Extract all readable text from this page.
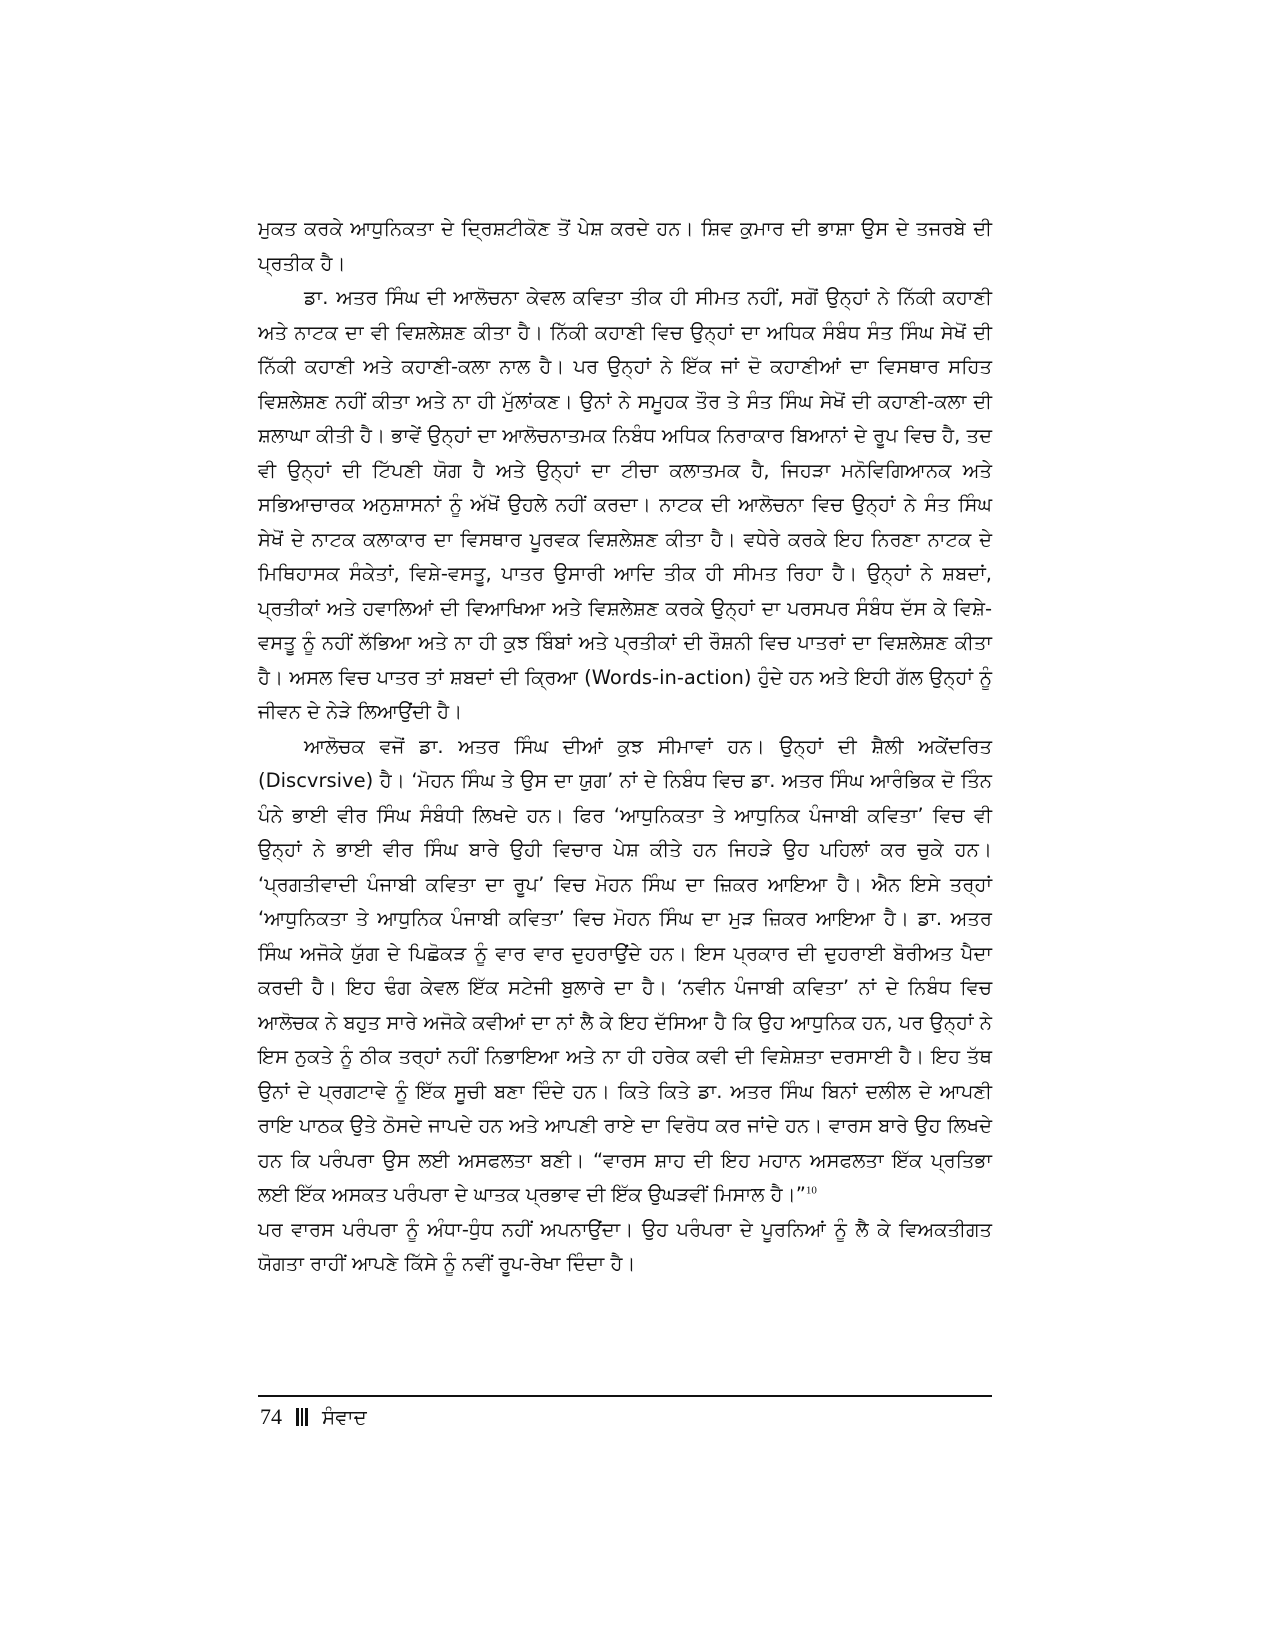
ਮੁਕਤ ਕਰਕੇ ਆਧੁਨਿਕਤਾ ਦੇ ਦ੍ਰਿਸ਼ਟੀਕੋਣ ਤੋਂ ਪੇਸ਼ ਕਰਦੇ ਹਨ। ਸ਼ਿਵ ਕੁਮਾਰ ਦੀ ਭਾਸ਼ਾ ਉਸ ਦੇ ਤਜਰਬੇ ਦੀ ਪ੍ਰਤੀਕ ਹੈ।

ਡਾ. ਅਤਰ ਸਿੰਘ ਦੀ ਆਲੋਚਨਾ ਕੇਵਲ ਕਵਿਤਾ ਤੀਕ ਹੀ ਸੀਮਤ ਨਹੀਂ, ਸਗੋਂ ਉਨ੍ਹਾਂ ਨੇ ਨਿੱਕੀ ਕਹਾਣੀ ਅਤੇ ਨਾਟਕ ਦਾ ਵੀ ਵਿਸ਼ਲੇਸ਼ਣ ਕੀਤਾ ਹੈ। ਨਿੱਕੀ ਕਹਾਣੀ ਵਿਚ ਉਨ੍ਹਾਂ ਦਾ ਅਧਿਕ ਸੰਬੰਧ ਸੰਤ ਸਿੰਘ ਸੇਖੋਂ ਦੀ ਨਿੱਕੀ ਕਹਾਣੀ ਅਤੇ ਕਹਾਣੀ-ਕਲਾ ਨਾਲ ਹੈ। ਪਰ ਉਨ੍ਹਾਂ ਨੇ ਇੱਕ ਜਾਂ ਦੋ ਕਹਾਣੀਆਂ ਦਾ ਵਿਸਥਾਰ ਸਹਿਤ ਵਿਸ਼ਲੇਸ਼ਣ ਨਹੀਂ ਕੀਤਾ ਅਤੇ ਨਾ ਹੀ ਮੁੱਲਾਂਕਣ। ਉਨਾਂ ਨੇ ਸਮੂਹਕ ਤੌਰ ਤੇ ਸੰਤ ਸਿੰਘ ਸੇਖੋਂ ਦੀ ਕਹਾਣੀ-ਕਲਾ ਦੀ ਸ਼ਲਾਘਾ ਕੀਤੀ ਹੈ। ਭਾਵੇਂ ਉਨ੍ਹਾਂ ਦਾ ਆਲੋਚਨਾਤਮਕ ਨਿਬੰਧ ਅਧਿਕ ਨਿਰਾਕਾਰ ਬਿਆਨਾਂ ਦੇ ਰੂਪ ਵਿਚ ਹੈ, ਤਦ ਵੀ ਉਨ੍ਹਾਂ ਦੀ ਟਿੱਪਣੀ ਯੋਗ ਹੈ ਅਤੇ ਉਨ੍ਹਾਂ ਦਾ ਟੀਚਾ ਕਲਾਤਮਕ ਹੈ, ਜਿਹੜਾ ਮਨੋਵਿਗਿਆਨਕ ਅਤੇ ਸਭਿਆਚਾਰਕ ਅਨੁਸ਼ਾਸਨਾਂ ਨੂੰ ਅੱਖੋਂ ਉਹਲੇ ਨਹੀਂ ਕਰਦਾ। ਨਾਟਕ ਦੀ ਆਲੋਚਨਾ ਵਿਚ ਉਨ੍ਹਾਂ ਨੇ ਸੰਤ ਸਿੰਘ ਸੇਖੋਂ ਦੇ ਨਾਟਕ ਕਲਾਕਾਰ ਦਾ ਵਿਸਥਾਰ ਪੂਰਵਕ ਵਿਸ਼ਲੇਸ਼ਣ ਕੀਤਾ ਹੈ। ਵਧੇਰੇ ਕਰਕੇ ਇਹ ਨਿਰਣਾ ਨਾਟਕ ਦੇ ਮਿਥਿਹਾਸਕ ਸੰਕੇਤਾਂ, ਵਿਸ਼ੇ-ਵਸਤੂ, ਪਾਤਰ ਉਸਾਰੀ ਆਦਿ ਤੀਕ ਹੀ ਸੀਮਤ ਰਿਹਾ ਹੈ। ਉਨ੍ਹਾਂ ਨੇ ਸ਼ਬਦਾਂ, ਪ੍ਰਤੀਕਾਂ ਅਤੇ ਹਵਾਲਿਆਂ ਦੀ ਵਿਆਖਿਆ ਅਤੇ ਵਿਸ਼ਲੇਸ਼ਣ ਕਰਕੇ ਉਨ੍ਹਾਂ ਦਾ ਪਰਸਪਰ ਸੰਬੰਧ ਦੱਸ ਕੇ ਵਿਸ਼ੇ-ਵਸਤੂ ਨੂੰ ਨਹੀਂ ਲੱਭਿਆ ਅਤੇ ਨਾ ਹੀ ਕੁਝ ਬਿੰਬਾਂ ਅਤੇ ਪ੍ਰਤੀਕਾਂ ਦੀ ਰੌਸ਼ਨੀ ਵਿਚ ਪਾਤਰਾਂ ਦਾ ਵਿਸ਼ਲੇਸ਼ਣ ਕੀਤਾ ਹੈ। ਅਸਲ ਵਿਚ ਪਾਤਰ ਤਾਂ ਸ਼ਬਦਾਂ ਦੀ ਕ੍ਰਿਆ (Words-in-action) ਹੁੰਦੇ ਹਨ ਅਤੇ ਇਹੀ ਗੱਲ ਉਨ੍ਹਾਂ ਨੂੰ ਜੀਵਨ ਦੇ ਨੇੜੇ ਲਿਆਉਂਦੀ ਹੈ।

ਆਲੋਚਕ ਵਜੋਂ ਡਾ. ਅਤਰ ਸਿੰਘ ਦੀਆਂ ਕੁਝ ਸੀਮਾਵਾਂ ਹਨ। ਉਨ੍ਹਾਂ ਦੀ ਸ਼ੈਲੀ ਅਕੇਂਦਰਿਤ (Discvrsive) ਹੈ। ‘ਮੋਹਨ ਸਿੰਘ ਤੇ ਉਸ ਦਾ ਯੁਗ’ ਨਾਂ ਦੇ ਨਿਬੰਧ ਵਿਚ ਡਾ. ਅਤਰ ਸਿੰਘ ਆਰੰਭਿਕ ਦੋ ਤਿੰਨ ਪੰਨੇ ਭਾਈ ਵੀਰ ਸਿੰਘ ਸੰਬੰਧੀ ਲਿਖਦੇ ਹਨ। ਫਿਰ ‘ਆਧੁਨਿਕਤਾ ਤੇ ਆਧੁਨਿਕ ਪੰਜਾਬੀ ਕਵਿਤਾ’ ਵਿਚ ਵੀ ਉਨ੍ਹਾਂ ਨੇ ਭਾਈ ਵੀਰ ਸਿੰਘ ਬਾਰੇ ਉਹੀ ਵਿਚਾਰ ਪੇਸ਼ ਕੀਤੇ ਹਨ ਜਿਹੜੇ ਉਹ ਪਹਿਲਾਂ ਕਰ ਚੁਕੇ ਹਨ। ‘ਪ੍ਰਗਤੀਵਾਦੀ ਪੰਜਾਬੀ ਕਵਿਤਾ ਦਾ ਰੂਪ’ ਵਿਚ ਮੋਹਨ ਸਿੰਘ ਦਾ ਜ਼ਿਕਰ ਆਇਆ ਹੈ। ਐਨ ਇਸੇ ਤਰ੍ਹਾਂ ‘ਆਧੁਨਿਕਤਾ ਤੇ ਆਧੁਨਿਕ ਪੰਜਾਬੀ ਕਵਿਤਾ’ ਵਿਚ ਮੋਹਨ ਸਿੰਘ ਦਾ ਮੁੜ ਜ਼ਿਕਰ ਆਇਆ ਹੈ। ਡਾ. ਅਤਰ ਸਿੰਘ ਅਜੋਕੇ ਯੁੱਗ ਦੇ ਪਿਛੋਕੜ ਨੂੰ ਵਾਰ ਵਾਰ ਦੁਹਰਾਉਂਦੇ ਹਨ। ਇਸ ਪ੍ਰਕਾਰ ਦੀ ਦੁਹਰਾਈ ਬੋਰੀਅਤ ਪੈਦਾ ਕਰਦੀ ਹੈ। ਇਹ ਢੰਗ ਕੇਵਲ ਇੱਕ ਸਟੇਜੀ ਬੁਲਾਰੇ ਦਾ ਹੈ। ‘ਨਵੀਨ ਪੰਜਾਬੀ ਕਵਿਤਾ’ ਨਾਂ ਦੇ ਨਿਬੰਧ ਵਿਚ ਆਲੋਚਕ ਨੇ ਬਹੁਤ ਸਾਰੇ ਅਜੋਕੇ ਕਵੀਆਂ ਦਾ ਨਾਂ ਲੈ ਕੇ ਇਹ ਦੱਸਿਆ ਹੈ ਕਿ ਉਹ ਆਧੁਨਿਕ ਹਨ, ਪਰ ਉਨ੍ਹਾਂ ਨੇ ਇਸ ਨੁਕਤੇ ਨੂੰ ਠੀਕ ਤਰ੍ਹਾਂ ਨਹੀਂ ਨਿਭਾਇਆ ਅਤੇ ਨਾ ਹੀ ਹਰੇਕ ਕਵੀ ਦੀ ਵਿਸ਼ੇਸ਼ਤਾ ਦਰਸਾਈ ਹੈ। ਇਹ ਤੱਥ ਉਨਾਂ ਦੇ ਪ੍ਰਗਟਾਵੇ ਨੂੰ ਇੱਕ ਸੂਚੀ ਬਣਾ ਦਿੰਦੇ ਹਨ। ਕਿਤੇ ਕਿਤੇ ਡਾ. ਅਤਰ ਸਿੰਘ ਬਿਨਾਂ ਦਲੀਲ ਦੇ ਆਪਣੀ ਰਾਇ ਪਾਠਕ ਉਤੇ ਠੋਸਦੇ ਜਾਪਦੇ ਹਨ ਅਤੇ ਆਪਣੀ ਰਾਏ ਦਾ ਵਿਰੋਧ ਕਰ ਜਾਂਦੇ ਹਨ। ਵਾਰਸ ਬਾਰੇ ਉਹ ਲਿਖਦੇ ਹਨ ਕਿ ਪਰੰਪਰਾ ਉਸ ਲਈ ਅਸਫਲਤਾ ਬਣੀ। “ਵਾਰਸ ਸ਼ਾਹ ਦੀ ਇਹ ਮਹਾਨ ਅਸਫਲਤਾ ਇੱਕ ਪ੍ਰਤਿਭਾ ਲਈ ਇੱਕ ਅਸਕਤ ਪਰੰਪਰਾ ਦੇ ਘਾਤਕ ਪ੍ਰਭਾਵ ਦੀ ਇੱਕ ਉਘੜਵੀਂ ਮਿਸਾਲ ਹੈ।”$^{10}$

ਪਰ ਵਾਰਸ ਪਰੰਪਰਾ ਨੂੰ ਅੰਧਾ-ਧੁੰਧ ਨਹੀਂ ਅਪਨਾਉਂਦਾ। ਉਹ ਪਰੰਪਰਾ ਦੇ ਪੂਰਨਿਆਂ ਨੂੰ ਲੈ ਕੇ ਵਿਅਕਤੀਗਤ ਯੋਗਤਾ ਰਾਹੀਂ ਆਪਣੇ ਕਿੱਸੇ ਨੂੰ ਨਵੀਂ ਰੂਪ-ਰੇਖਾ ਦਿੰਦਾ ਹੈ।

74 ਸੰਵਾਦ
